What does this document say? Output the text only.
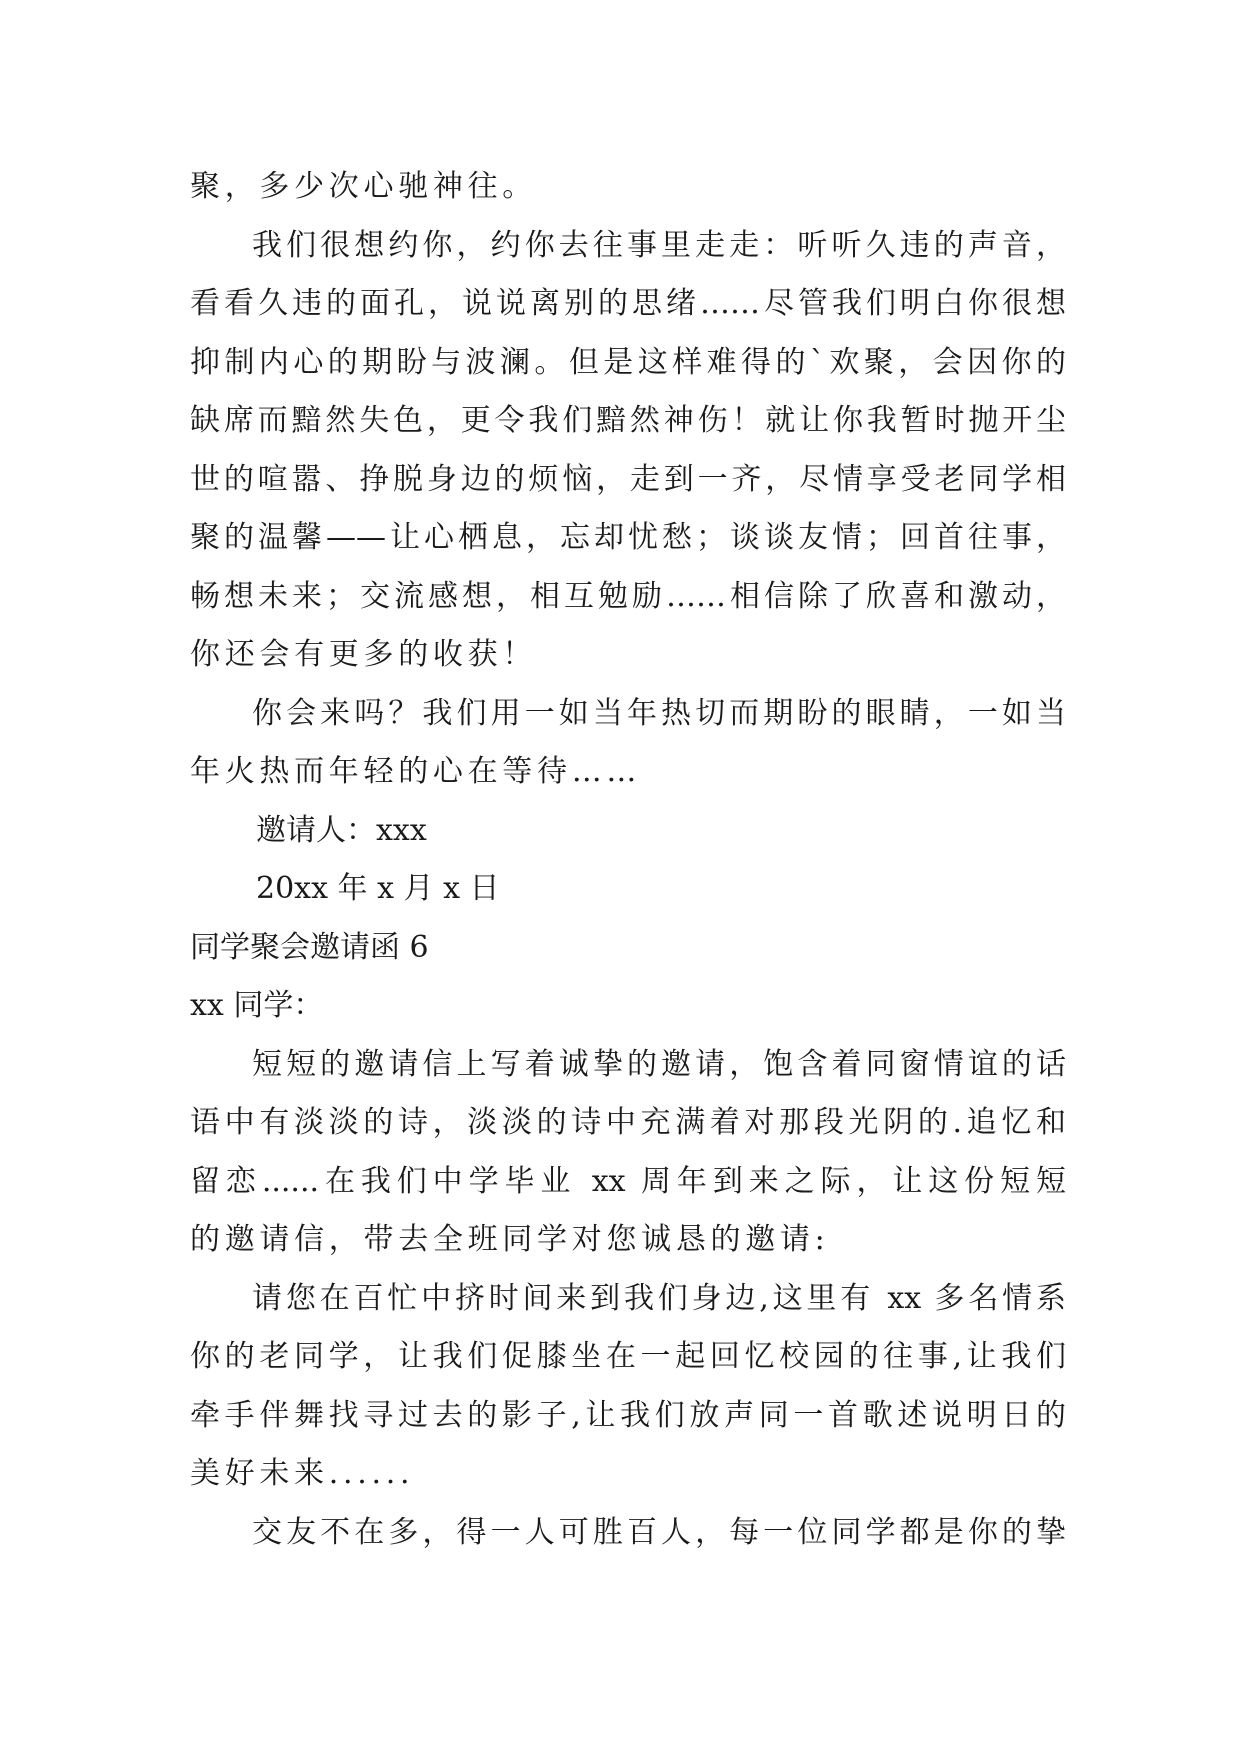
聚，多少次心驰神往。
我们很想约你，约你去往事里走走：听听久违的声音，
看看久违的面孔，说说离别的思绪……尽管我们明白你很想
抑制内心的期盼与波澜。但是这样难得的`欢聚，会因你的
缺席而黯然失色，更令我们黯然神伤！就让你我暂时抛开尘
世的喧嚣、挣脱身边的烦恼，走到一齐，尽情享受老同学相
聚的温馨——让心栖息，忘却忧愁；谈谈友情；回首往事，
畅想未来；交流感想，相互勉励……相信除了欣喜和激动，
你还会有更多的收获！
你会来吗？我们用一如当年热切而期盼的眼睛，一如当
年火热而年轻的心在等待……
邀请人：xxx
20xx 年 x 月 x 日
同学聚会邀请函 6
xx 同学：
短短的邀请信上写着诚挚的邀请，饱含着同窗情谊的话
语中有淡淡的诗，淡淡的诗中充满着对那段光阴的.追忆和
留恋......在我们中学毕业 xx 周年到来之际，让这份短短
的邀请信，带去全班同学对您诚恳的邀请:
请您在百忙中挤时间来到我们身边,这里有 xx 多名情系
你的老同学，让我们促膝坐在一起回忆校园的往事,让我们
牵手伴舞找寻过去的影子,让我们放声同一首歌述说明日的
美好未来......
交友不在多，得一人可胜百人，每一位同学都是你的挚
